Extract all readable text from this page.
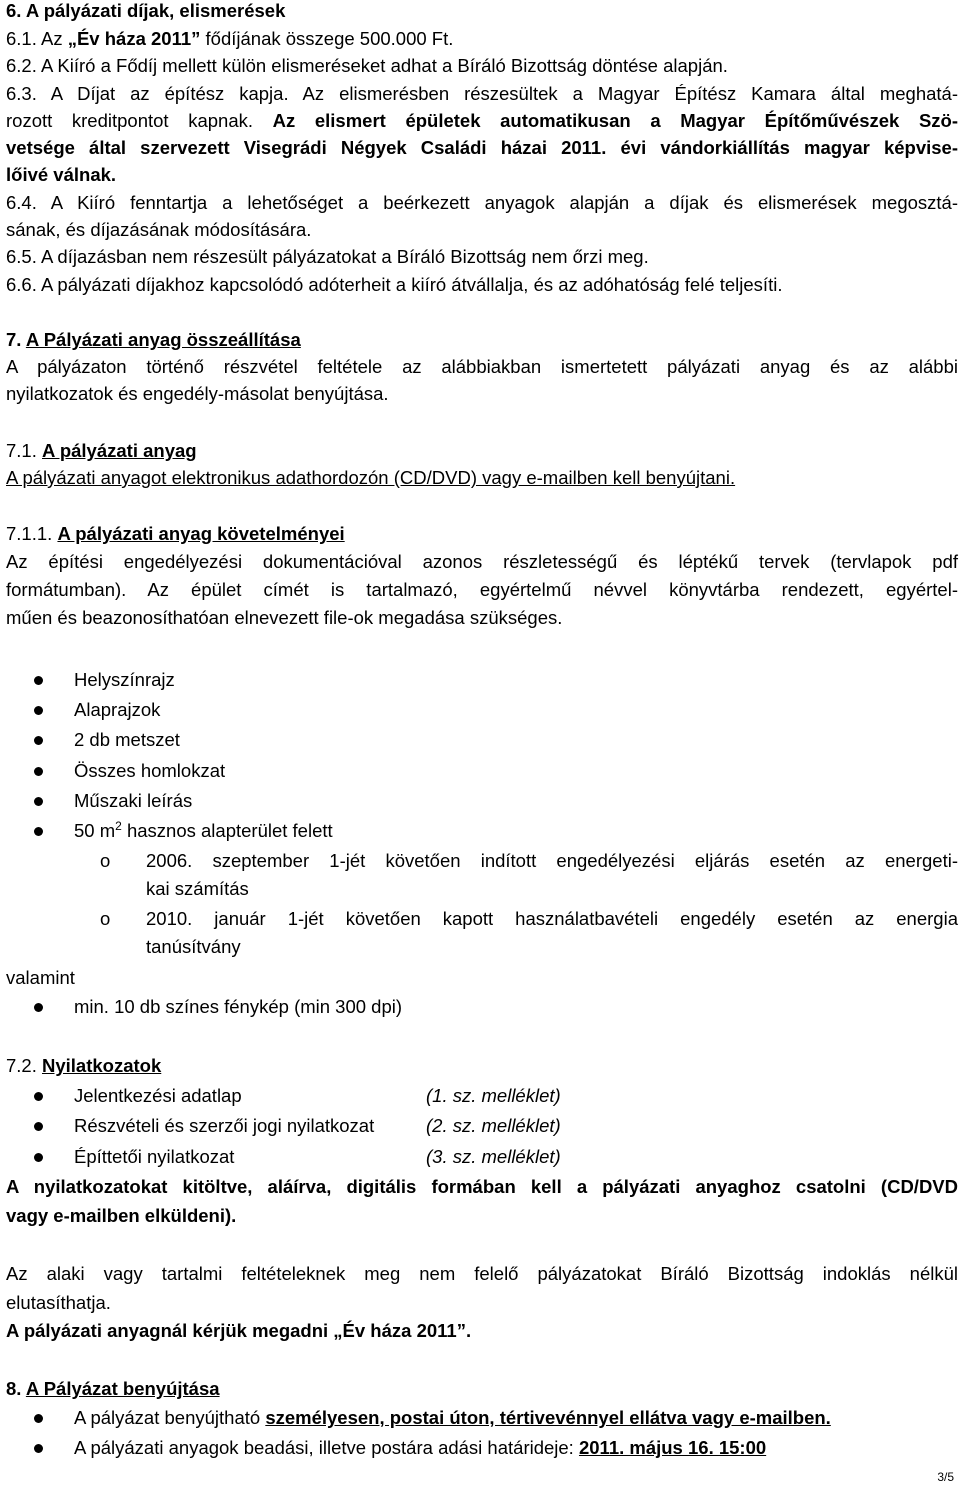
6. A pályázati díjak, elismerések
6.1. Az „Év háza 2011” fődíjának összege 500.000 Ft.
6.2. A Kiíró a Fődíj mellett külön elismeréseket adhat a Bíráló Bizottság döntése alapján.
6.3. A Díjat az építész kapja. Az elismerésben részesültek a Magyar Építész Kamara által meghatá-
rozott kreditpontot kapnak. Az elismert épületek automatikusan a Magyar Építőművészek Szö-
vetsége által szervezett Visegrádi Négyek Családi házai 2011. évi vándorkiállítás magyar képvise-
lőivé válnak.
6.4. A Kiíró fenntartja a lehetőséget a beérkezett anyagok alapján a díjak és elismerések megosztá-
sának, és díjazásának módosítására.
6.5. A díjazásban nem részesült pályázatokat a Bíráló Bizottság nem őrzi meg.
6.6. A pályázati díjakhoz kapcsolódó adóterheit a kiíró átvállalja, és az adóhatóság felé teljesíti.
7. A Pályázati anyag összeállítása
A pályázaton történő részvétel feltétele az alábbiakban ismertetett pályázati anyag és az alábbi
nyilatkozatok és engedély-másolat benyújtása.
7.1. A pályázati anyag
A pályázati anyagot elektronikus adathordozón (CD/DVD) vagy e-mailben kell benyújtani.
7.1.1. A pályázati anyag követelményei
Az építési engedélyezési dokumentációval azonos részletességű és léptékű tervek (tervlapok pdf
formátumban). Az épület címét is tartalmazó, egyértelmű névvel könyvtárba rendezett, egyértel-
műen és beazonosíthatóan elnevezett file-ok megadása szükséges.
Helyszínrajz
Alaprajzok
2 db metszet
Összes homlokzat
Műszaki leírás
50 $m^2$ hasznos alapterület felett
o 2006. szeptember 1-jét követően indított engedélyezési eljárás esetén az energeti-
kai számítás
o 2010. január 1-jét követően kapott használatbavételi engedély esetén az energia
tanúsítvány
valamint
min. 10 db színes fénykép (min 300 dpi)
7.2. Nyilatkozatok
Jelentkezési adatlap	(1. sz. melléklet)
Részvételi és szerzői jogi nyilatkozat	(2. sz. melléklet)
Építtetői nyilatkozat	(3. sz. melléklet)
A nyilatkozatokat kitöltve, aláírva, digitális formában kell a pályázati anyaghoz csatolni (CD/DVD
vagy e-mailben elküldeni).
Az alaki vagy tartalmi feltételeknek meg nem felelő pályázatokat Bíráló Bizottság indoklás nélkül
elutasíthatja.
A pályázati anyagnál kérjük megadni „Év háza 2011”.
8. A Pályázat benyújtása
A pályázat benyújtható személyesen, postai úton, tértivevénnyel ellátva vagy e-mailben.
A pályázati anyagok beadási, illetve postára adási határideje: 2011. május 16. 15:00
3/5
